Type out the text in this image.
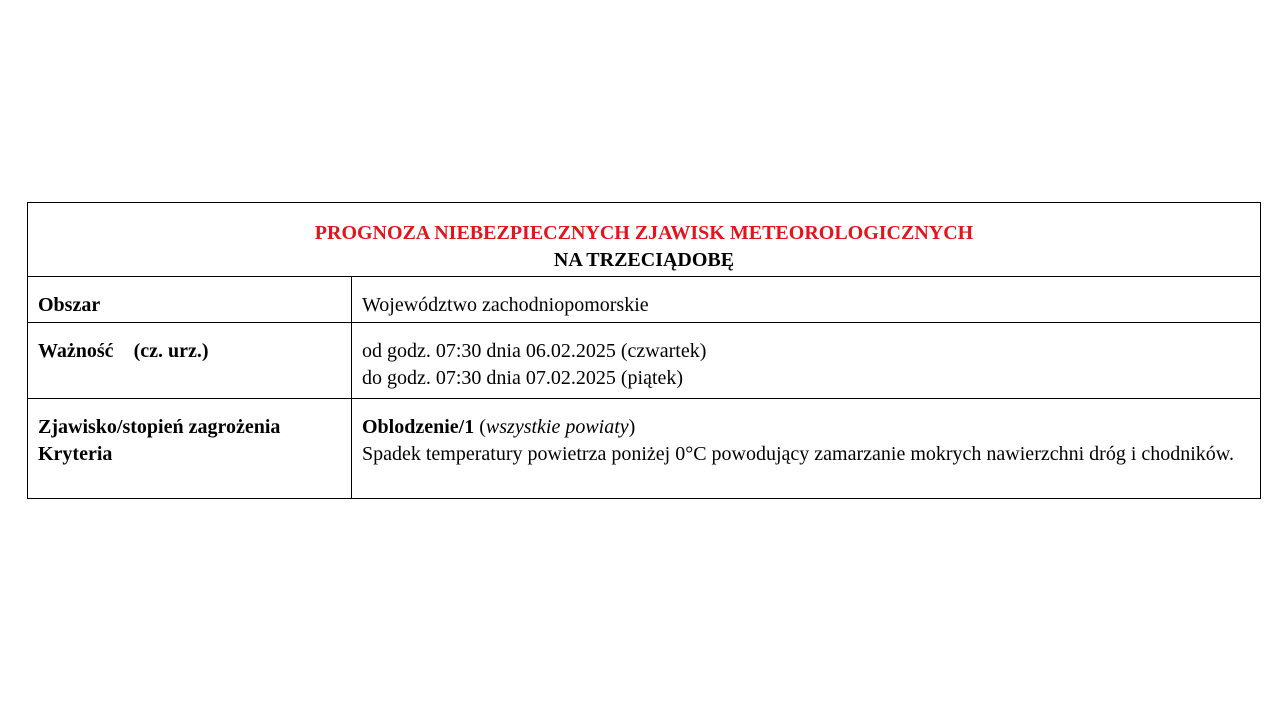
PROGNOZA NIEBEZPIECZNYCH ZJAWISK METEOROLOGICZNYCH
NA TRZECIĄDOBĘ	

Obszar	Województwo zachodniopomorskie
Ważność (cz. urz.)	od godz. 07:30 dnia 06.02.2025 (czwartek)
do godz. 07:30 dnia 07.02.2025 (piątek)

Zjawisko/stopień zagrożenia
Kryteria	Oblodzenie/1 (wszystkie powiaty)
Spadek temperatury powietrza poniżej 0°C powodujący zamarzanie mokrych nawierzchni dróg i chodników.
